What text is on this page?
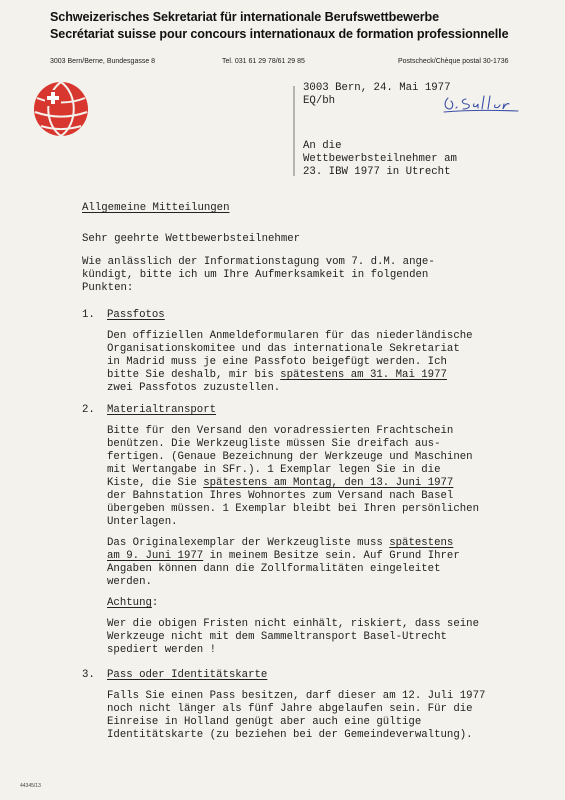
Schweizerisches Sekretariat für internationale Berufswettbewerbe
Secrétariat suisse pour concours internationaux de formation professionnelle
3003 Bern/Berne, Bundesgasse 8	Tel. 031 61 29 78/61 29 85	Postscheck/Chèque postal 30-1736
3003 Bern, 24. Mai 1977
EQ/bh
An die
Wettbewerbsteilnehmer am
23. IBW 1977 in Utrecht
Allgemeine Mitteilungen
Sehr geehrte Wettbewerbsteilnehmer
Wie anlässlich der Informationstagung vom 7. d.M. ange-
kündigt, bitte ich um Ihre Aufmerksamkeit in folgenden
Punkten:
1. Passfotos
Den offiziellen Anmeldeformularen für das niederländische
Organisationskomitee und das internationale Sekretariat
in Madrid muss je eine Passfoto beigefügt werden. Ich
bitte Sie deshalb, mir bis spätestens am 31. Mai 1977
zwei Passfotos zuzustellen.
2. Materialtransport
Bitte für den Versand den voradressierten Frachtschein
benützen. Die Werkzeugliste müssen Sie dreifach aus-
fertigen. (Genaue Bezeichnung der Werkzeuge und Maschinen
mit Wertangabe in SFr.). 1 Exemplar legen Sie in die
Kiste, die Sie spätestens am Montag, den 13. Juni 1977
der Bahnstation Ihres Wohnortes zum Versand nach Basel
übergeben müssen. 1 Exemplar bleibt bei Ihren persönlichen
Unterlagen.
Das Originalexemplar der Werkzeugliste muss spätestens
am 9. Juni 1977 in meinem Besitze sein. Auf Grund Ihrer
Angaben können dann die Zollformalitäten eingeleitet
werden.
Achtung:
Wer die obigen Fristen nicht einhält, riskiert, dass seine
Werkzeuge nicht mit dem Sammeltransport Basel-Utrecht
spediert werden !
3. Pass oder Identitätskarte
Falls Sie einen Pass besitzen, darf dieser am 12. Juli 1977
noch nicht länger als fünf Jahre abgelaufen sein. Für die
Einreise in Holland genügt aber auch eine gültige
Identitätskarte (zu beziehen bei der Gemeindeverwaltung).
44345/13
